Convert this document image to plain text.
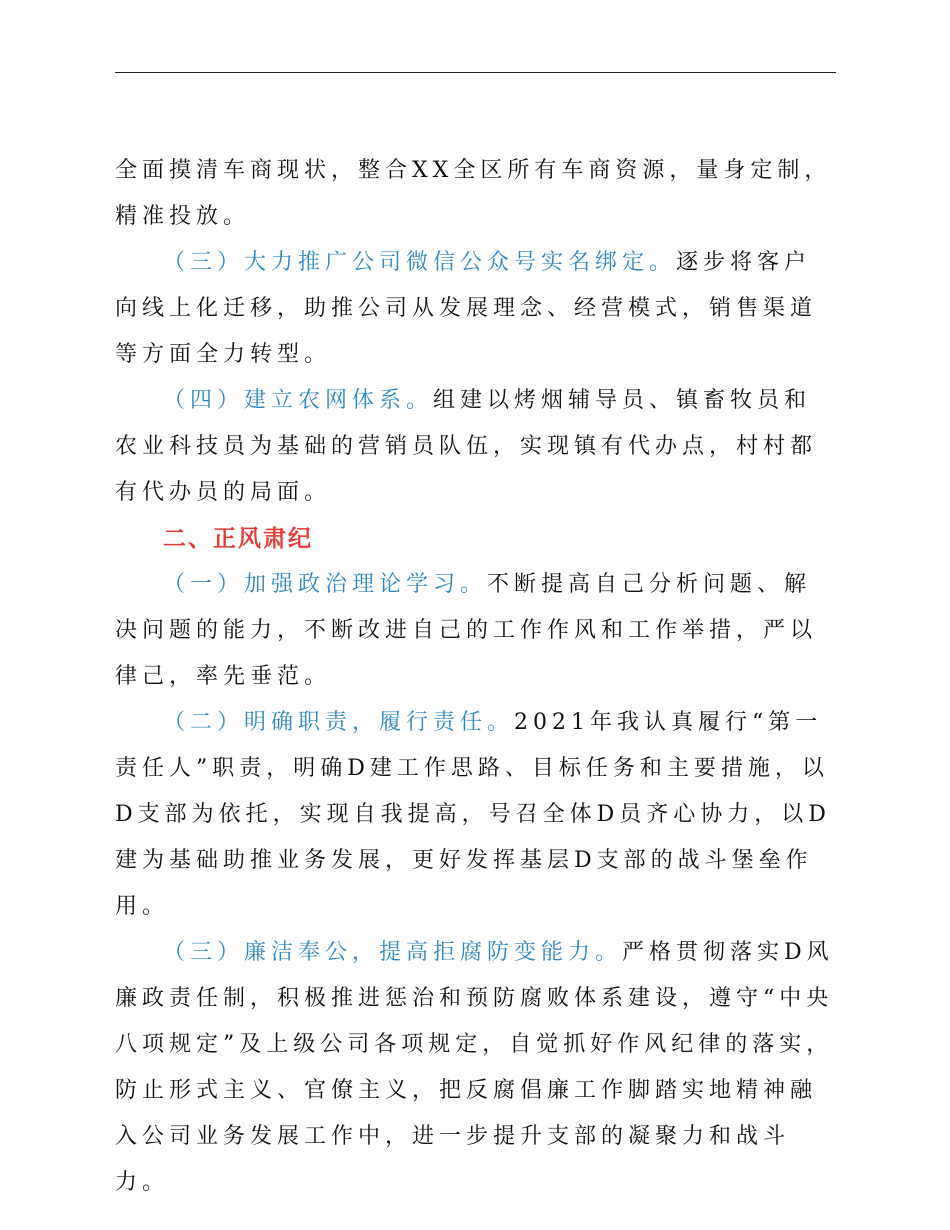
全面摸清车商现状，整合XX全区所有车商资源，量身定制，精准投放。

（三）大力推广公司微信公众号实名绑定。逐步将客户向线上化迁移，助推公司从发展理念、经营模式，销售渠道等方面全力转型。

（四）建立农网体系。组建以烤烟辅导员、镇畜牧员和农业科技员为基础的营销员队伍，实现镇有代办点，村村都有代办员的局面。

二、正风肃纪

（一）加强政治理论学习。不断提高自己分析问题、解决问题的能力，不断改进自己的工作作风和工作举措，严以律己，率先垂范。

（二）明确职责，履行责任。2021年我认真履行“第一责任人”职责，明确D建工作思路、目标任务和主要措施，以D支部为依托，实现自我提高，号召全体D员齐心协力，以D建为基础助推业务发展，更好发挥基层D支部的战斗堡垒作用。

（三）廉洁奉公，提高拒腐防变能力。严格贯彻落实D风廉政责任制，积极推进惩治和预防腐败体系建设，遵守“中央八项规定”及上级公司各项规定，自觉抓好作风纪律的落实，防止形式主义、官僚主义，把反腐倡廉工作脚踏实地精神融入公司业务发展工作中，进一步提升支部的凝聚力和战斗力。
